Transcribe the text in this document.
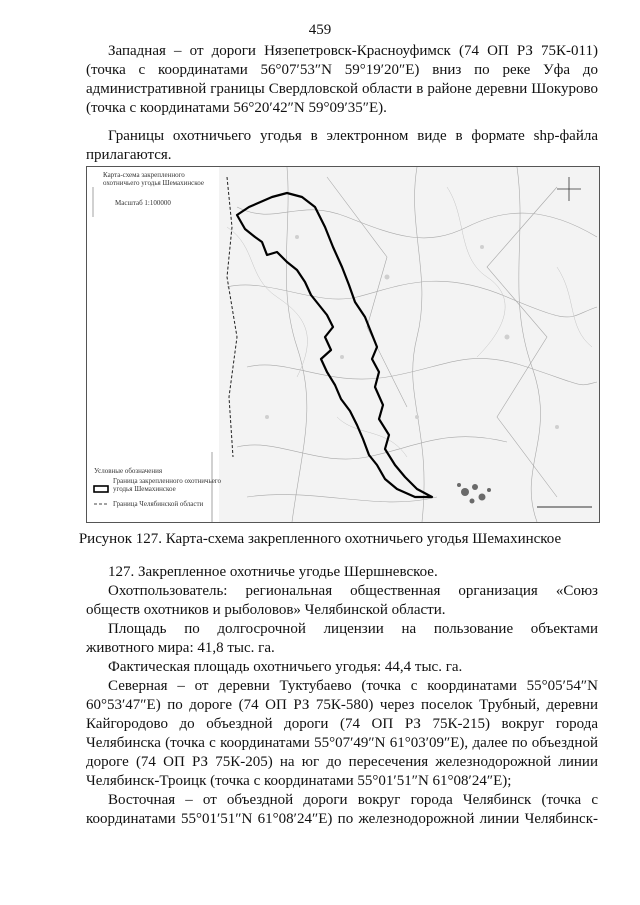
459
Западная – от дороги Нязепетровск-Красноуфимск (74 ОП РЗ 75К-011)
(точка с координатами 56°07′53″N 59°19′20″E) вниз по реке Уфа до
административной границы Свердловской области в районе деревни Шокурово
(точка с координатами 56°20′42″N 59°09′35″E).
Границы охотничьего угодья в электронном виде в формате shp-файла
прилагаются.
Карта-схема закрепленного
охотничьего угодья Шемахинское
Масштаб 1:100000
Условные обозначения
Граница закрепленного охотничьего
угодья Шемахинское
Граница Челябинской области
Рисунок 127. Карта-схема закрепленного охотничьего угодья Шемахинское
127. Закрепленное охотничье угодье Шершневское.
Охотпользователь: региональная общественная организация «Союз
обществ охотников и рыболовов» Челябинской области.
Площадь по долгосрочной лицензии на пользование объектами
животного мира: 41,8 тыс. га.
Фактическая площадь охотничьего угодья: 44,4 тыс. га.
Северная – от деревни Туктубаево (точка с координатами 55°05′54″N
60°53′47″E) по дороге (74 ОП РЗ 75К-580) через поселок Трубный, деревни
Кайгородово до объездной дороги (74 ОП РЗ 75К-215) вокруг города
Челябинска (точка с координатами 55°07′49″N 61°03′09″E), далее по объездной
дороге (74 ОП РЗ 75К-205) на юг до пересечения железнодорожной линии
Челябинск-Троицк (точка с координатами 55°01′51″N 61°08′24″E);
Восточная – от объездной дороги вокруг города Челябинск (точка с
координатами 55°01′51″N 61°08′24″E) по железнодорожной линии Челябинск-
